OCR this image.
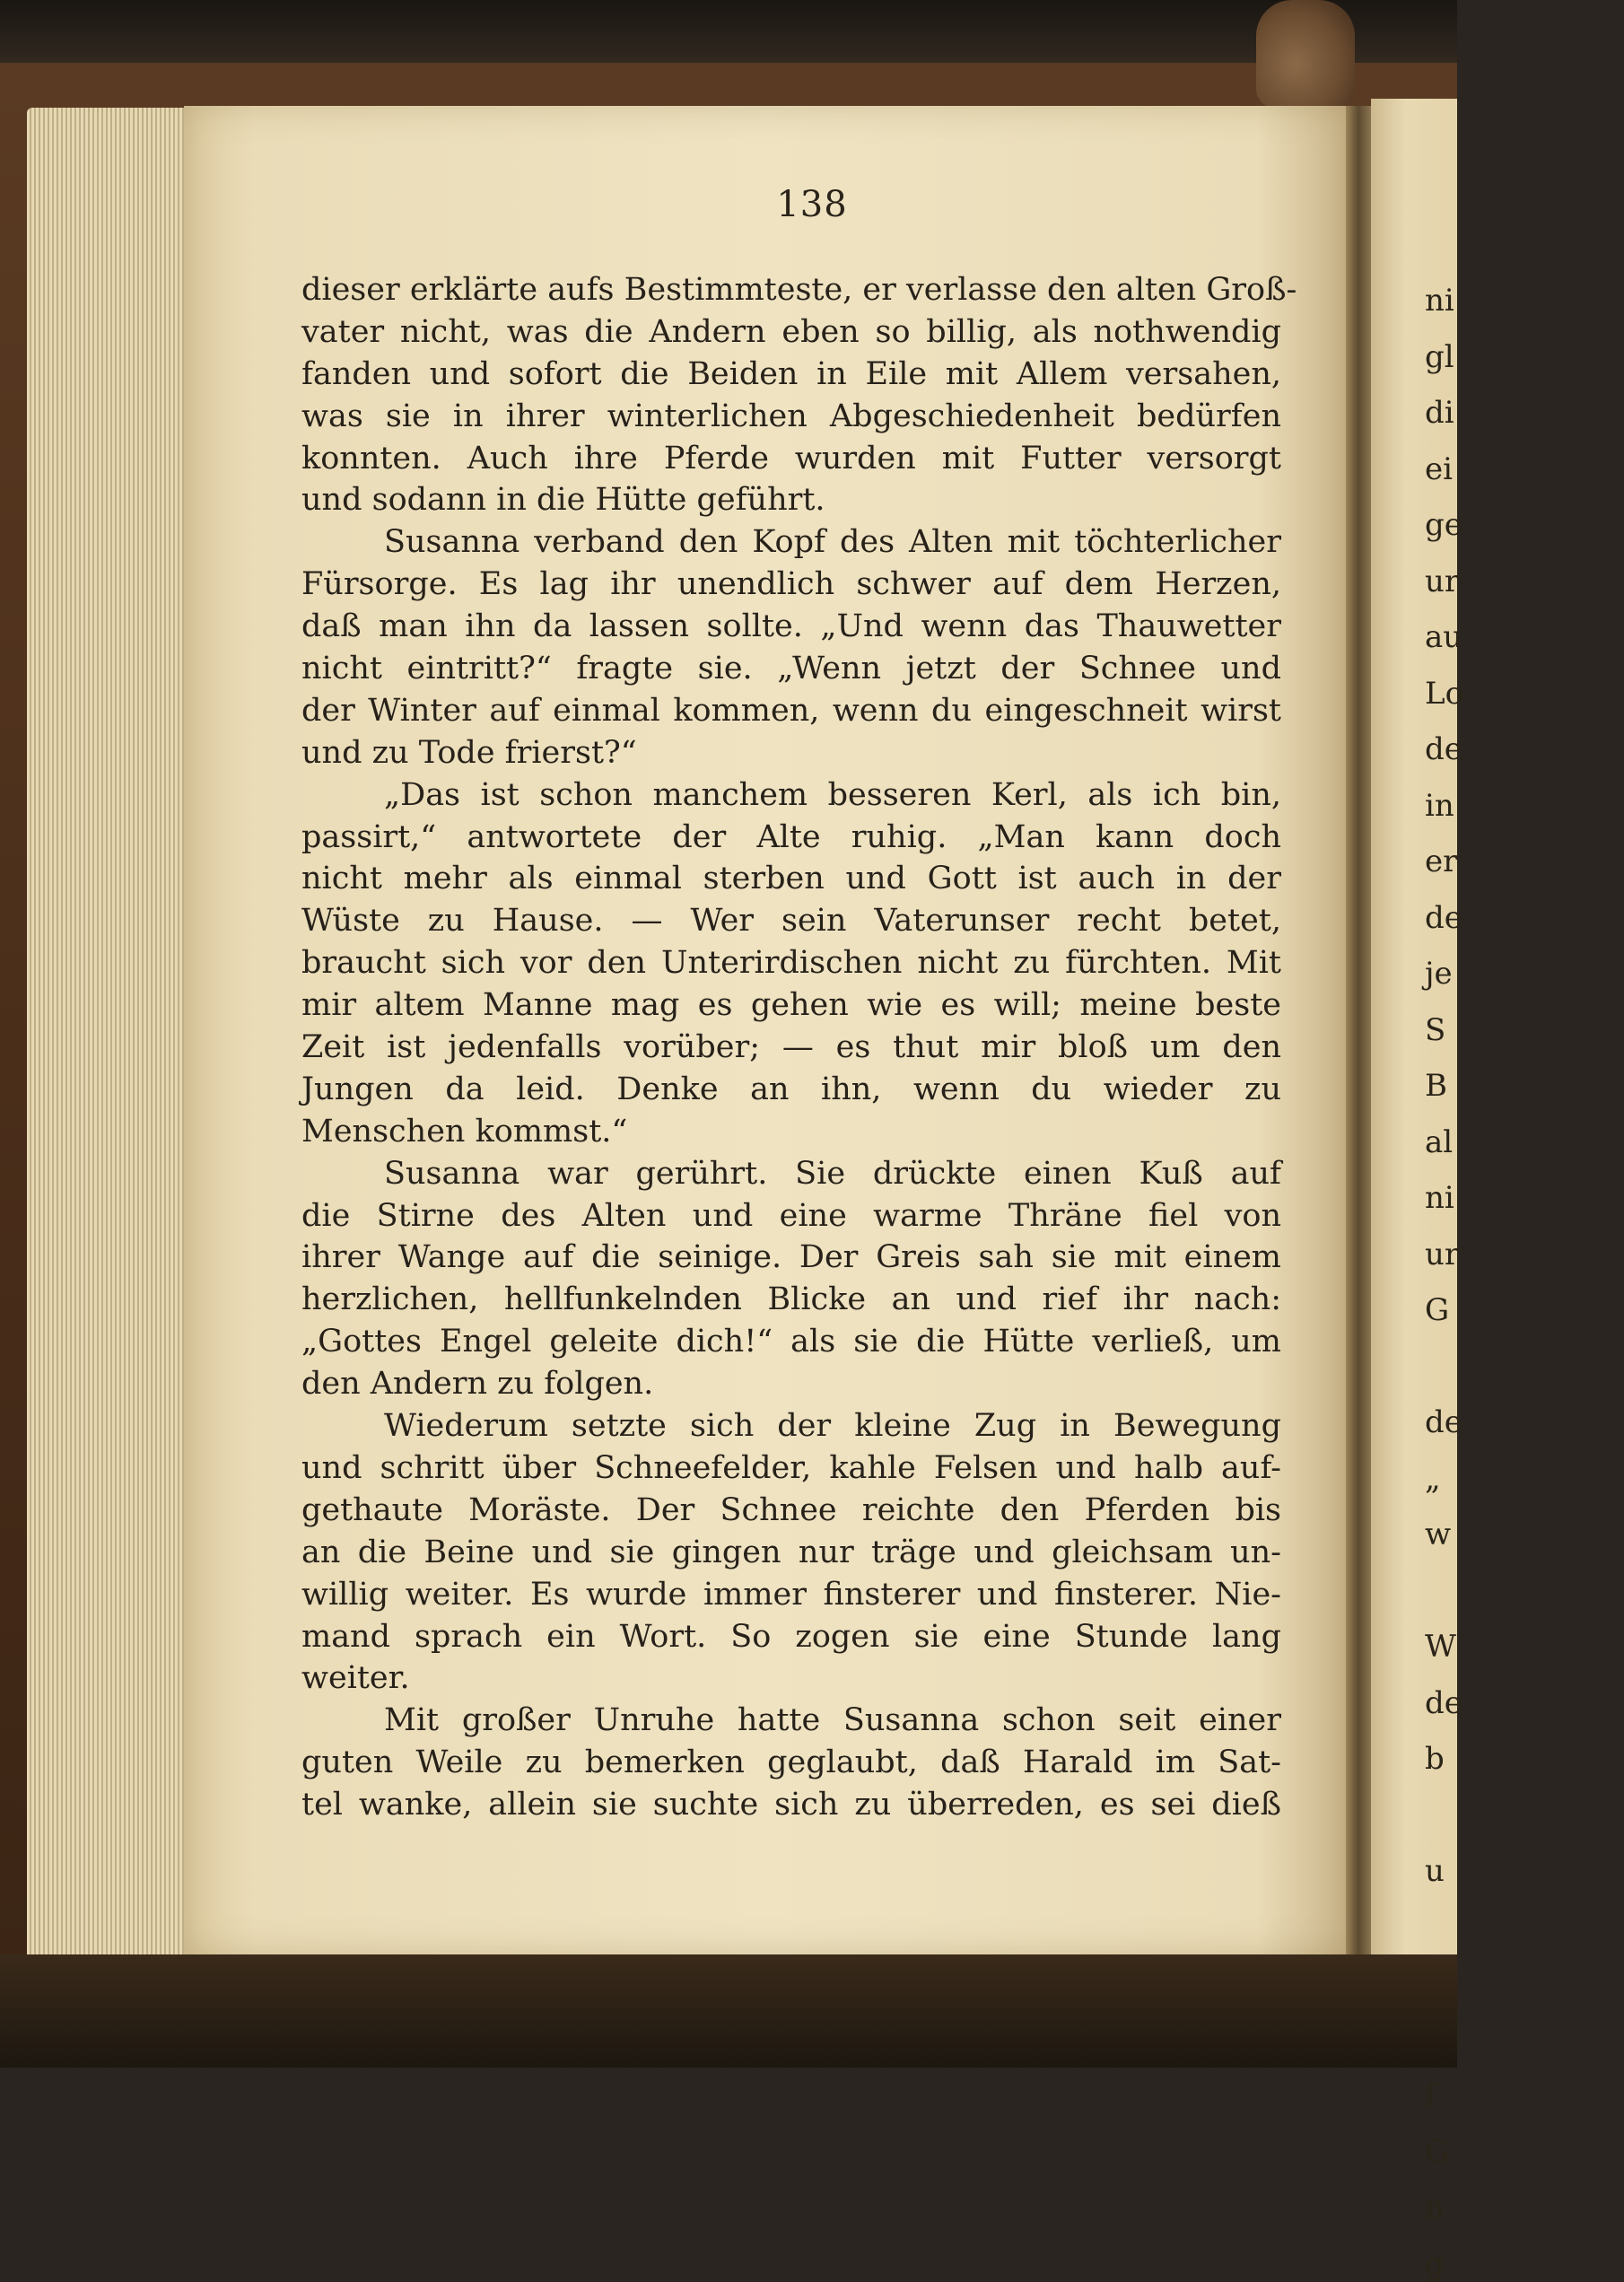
ni
gl
di
ei
ge
ur
au
Lo
de
in
er
de
je
S
B
al
ni
ur
G
de
„
w
W
de
b
u
f
G
n
g
138
dieser erklärte aufs Bestimmteste, er verlasse den alten Groß-
vater nicht, was die Andern eben so billig, als nothwendig
fanden und sofort die Beiden in Eile mit Allem versahen,
was sie in ihrer winterlichen Abgeschiedenheit bedürfen
konnten. Auch ihre Pferde wurden mit Futter versorgt
und sodann in die Hütte geführt.
Susanna verband den Kopf des Alten mit töchterlicher
Fürsorge. Es lag ihr unendlich schwer auf dem Herzen,
daß man ihn da lassen sollte. „Und wenn das Thauwetter
nicht eintritt?“ fragte sie. „Wenn jetzt der Schnee und
der Winter auf einmal kommen, wenn du eingeschneit wirst
und zu Tode frierst?“
„Das ist schon manchem besseren Kerl, als ich bin,
passirt,“ antwortete der Alte ruhig. „Man kann doch
nicht mehr als einmal sterben und Gott ist auch in der
Wüste zu Hause. — Wer sein Vaterunser recht betet,
braucht sich vor den Unterirdischen nicht zu fürchten. Mit
mir altem Manne mag es gehen wie es will; meine beste
Zeit ist jedenfalls vorüber; — es thut mir bloß um den
Jungen da leid. Denke an ihn, wenn du wieder zu
Menschen kommst.“
Susanna war gerührt. Sie drückte einen Kuß auf
die Stirne des Alten und eine warme Thräne fiel von
ihrer Wange auf die seinige. Der Greis sah sie mit einem
herzlichen, hellfunkelnden Blicke an und rief ihr nach:
„Gottes Engel geleite dich!“ als sie die Hütte verließ, um
den Andern zu folgen.
Wiederum setzte sich der kleine Zug in Bewegung
und schritt über Schneefelder, kahle Felsen und halb auf-
gethaute Moräste. Der Schnee reichte den Pferden bis
an die Beine und sie gingen nur träge und gleichsam un-
willig weiter. Es wurde immer finsterer und finsterer. Nie-
mand sprach ein Wort. So zogen sie eine Stunde lang
weiter.
Mit großer Unruhe hatte Susanna schon seit einer
guten Weile zu bemerken geglaubt, daß Harald im Sat-
tel wanke, allein sie suchte sich zu überreden, es sei dieß
